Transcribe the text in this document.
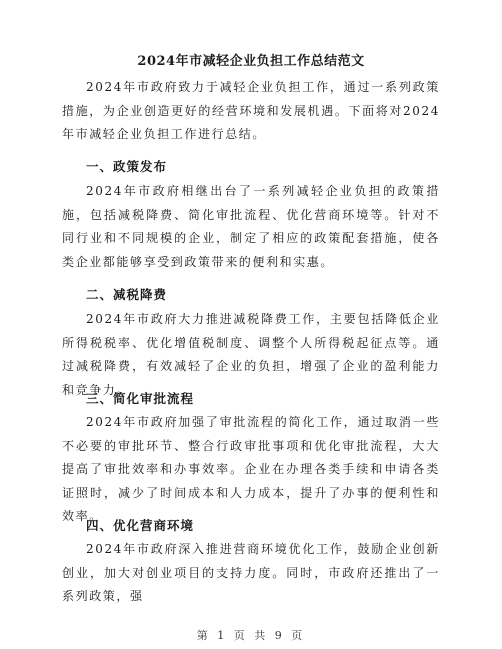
2024年市减轻企业负担工作总结范文

2024年市政府致力于减轻企业负担工作，通过一系列政策措施，为企业创造更好的经营环境和发展机遇。下面将对2024年市减轻企业负担工作进行总结。

一、政策发布

2024年市政府相继出台了一系列减轻企业负担的政策措施，包括减税降费、简化审批流程、优化营商环境等。针对不同行业和不同规模的企业，制定了相应的政策配套措施，使各类企业都能够享受到政策带来的便利和实惠。

二、减税降费

2024年市政府大力推进减税降费工作，主要包括降低企业所得税税率、优化增值税制度、调整个人所得税起征点等。通过减税降费，有效减轻了企业的负担，增强了企业的盈利能力和竞争力。

三、简化审批流程

2024年市政府加强了审批流程的简化工作，通过取消一些不必要的审批环节、整合行政审批事项和优化审批流程，大大提高了审批效率和办事效率。企业在办理各类手续和申请各类证照时，减少了时间成本和人力成本，提升了办事的便利性和效率。

四、优化营商环境

2024年市政府深入推进营商环境优化工作，鼓励企业创新创业，加大对创业项目的支持力度。同时，市政府还推出了一系列政策，强

第 1 页 共 9 页
